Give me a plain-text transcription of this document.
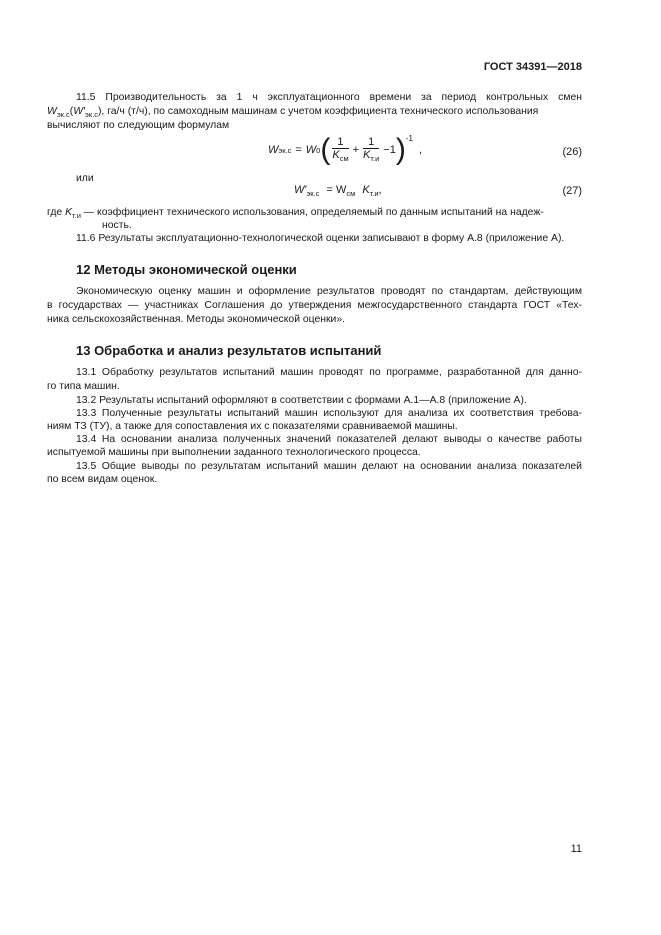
ГОСТ 34391—2018
11.5 Производительность за 1 ч эксплуатационного времени за период контрольных смен
$W_{эк.с}(W'_{эк.с})$, га/ч (т/ч), по самоходным машинам с учетом коэффициента технического использования
вычисляют по следующим формулам
W эк.с = W 0 ( $\frac{1}{K_{см}} + \frac{1}{K_{т.и}} -1$ ) -1
,	(26)
или
$W'_{эк.с} = W_{см}$ $K_{т.и}$,	(27)
где $K_{т.и}$ — коэффициент технического использования, определяемый по данным испытаний на надеж-
ность.
11.6 Результаты эксплуатационно-технологической оценки записывают в форму А.8 (приложение А).
12 Методы экономической оценки
Экономическую оценку машин и оформление результатов проводят по стандартам, действующим
в государствах — участниках Соглашения до утверждения межгосударственного стандарта ГОСТ «Тех-
ника сельскохозяйственная. Методы экономической оценки».
13 Обработка и анализ результатов испытаний
13.1 Обработку результатов испытаний машин проводят по программе, разработанной для данно-
го типа машин.
13.2 Результаты испытаний оформляют в соответствии с формами А.1—А.8 (приложение А).
13.3 Полученные результаты испытаний машин используют для анализа их соответствия требова-
ниям ТЗ (ТУ), а также для сопоставления их с показателями сравниваемой машины.
13.4 На основании анализа полученных значений показателей делают выводы о качестве работы
испытуемой машины при выполнении заданного технологического процесса.
13.5 Общие выводы по результатам испытаний машин делают на основании анализа показателей
по всем видам оценок.
11
